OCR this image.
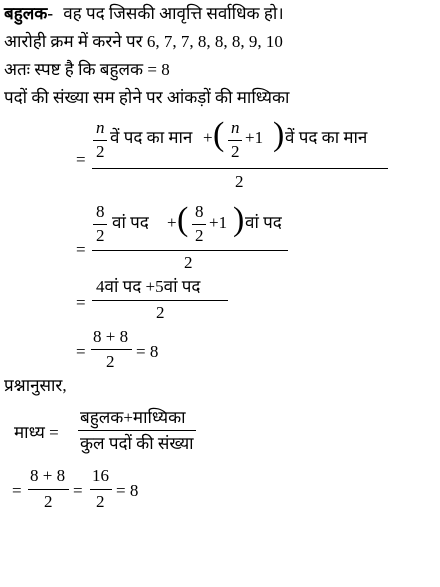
बहुलक- वह पद जिसकी आवृत्ति सर्वाधिक हो।
आरोही क्रम में करने पर 6, 7, 7, 8, 8, 8, 9, 10
अतः स्पष्ट है कि बहुलक = 8
पदों की संख्या सम होने पर आंकड़ों की माध्यिका
=
n
2
वें पद का मान + ( n
2
+1 ) वें पद का मान
2
=
8
2
वां पद + ( 8
2
+1 ) वां पद
2
=
4वां पद +5वां पद
2
=
8 + 8
2
= 8
प्रश्नानुसार,
माध्य =
बहुलक+माध्यिका
कुल पदों की संख्या
=
8 + 8
2
=
16
2
= 8
